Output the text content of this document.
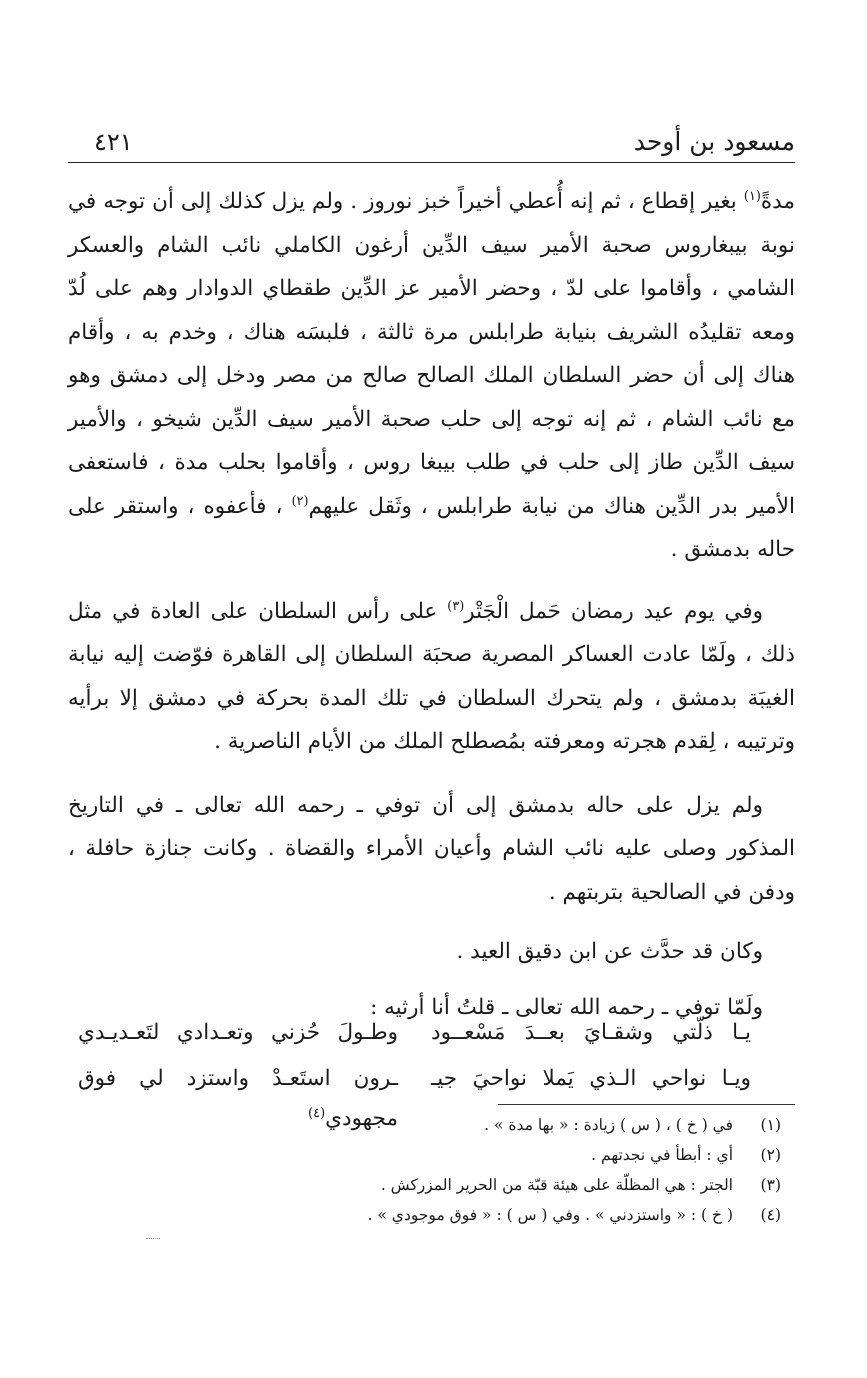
مسعود بن أوحد
٤٢١

مدةً$^{(١)}$ بغير إقطاع ، ثم إنه أُعطي أخيراً خبز نوروز . ولم يزل كذلك إلى أن توجه في نوبة بيبغاروس صحبة الأمير سيف الدِّين أرغون الكاملي نائب الشام والعسكر الشامي ، وأقاموا على لدّ ، وحضر الأمير عز الدِّين طقطاي الدوادار وهم على لُدّ ومعه تقليدُه الشريف بنيابة طرابلس مرة ثالثة ، فلبسَه هناك ، وخدم به ، وأقام هناك إلى أن حضر السلطان الملك الصالح صالح من مصر ودخل إلى دمشق وهو مع نائب الشام ، ثم إنه توجه إلى حلب صحبة الأمير سيف الدِّين شيخو ، والأمير سيف الدِّين طاز إلى حلب في طلب بيبغا روس ، وأقاموا بحلب مدة ، فاستعفى الأمير بدر الدِّين هناك من نيابة طرابلس ، وثَقل عليهم$^{(٢)}$ ، فأعفوه ، واستقر على حاله بدمشق .

وفي يوم عيد رمضان حَمل الْجَتْر$^{(٣)}$ على رأس السلطان على العادة في مثل ذلك ، ولَمّا عادت العساكر المصرية صحبَة السلطان إلى القاهرة فوّضت إليه نيابة الغيبَة بدمشق ، ولم يتحرك السلطان في تلك المدة بحركة في دمشق إلا برأيه وترتيبه ، لِقدم هجرته ومعرفته بمُصطلح الملك من الأيام الناصرية .

ولم يزل على حاله بدمشق إلى أن توفي ـ رحمه الله تعالى ـ في التاريخ المذكور وصلى عليه نائب الشام وأعيان الأمراء والقضاة . وكانت جنازة حافلة ، ودفن في الصالحية بتربتهم .

وكان قد حدَّث عن ابن دقيق العيد .

ولَمّا توفي ـ رحمه الله تعالى ـ قلتُ أنا أرثيه :

يـا ذلّتي وشقـايَ بعــدَ مَسْعــود
وطـولَ حُزني وتعـدادي لتَعـديـدي
ويـا نواحي الـذي يَملا نواحيَ جيـ
ـرون استَعـدْ واستزد لي فوق مجهودي$^{(٤)}$
(١)
في ( خ ) ، ( س ) زيادة : « بها مدة » .
(٢)
أي : أبطأ في نجدتهم .
(٣)
الجتر : هي المظلّة على هيئة قبّة من الحرير المزركش .
(٤)
( خ ) : « واستزدني » . وفي ( س ) : « فوق موجودي » .
